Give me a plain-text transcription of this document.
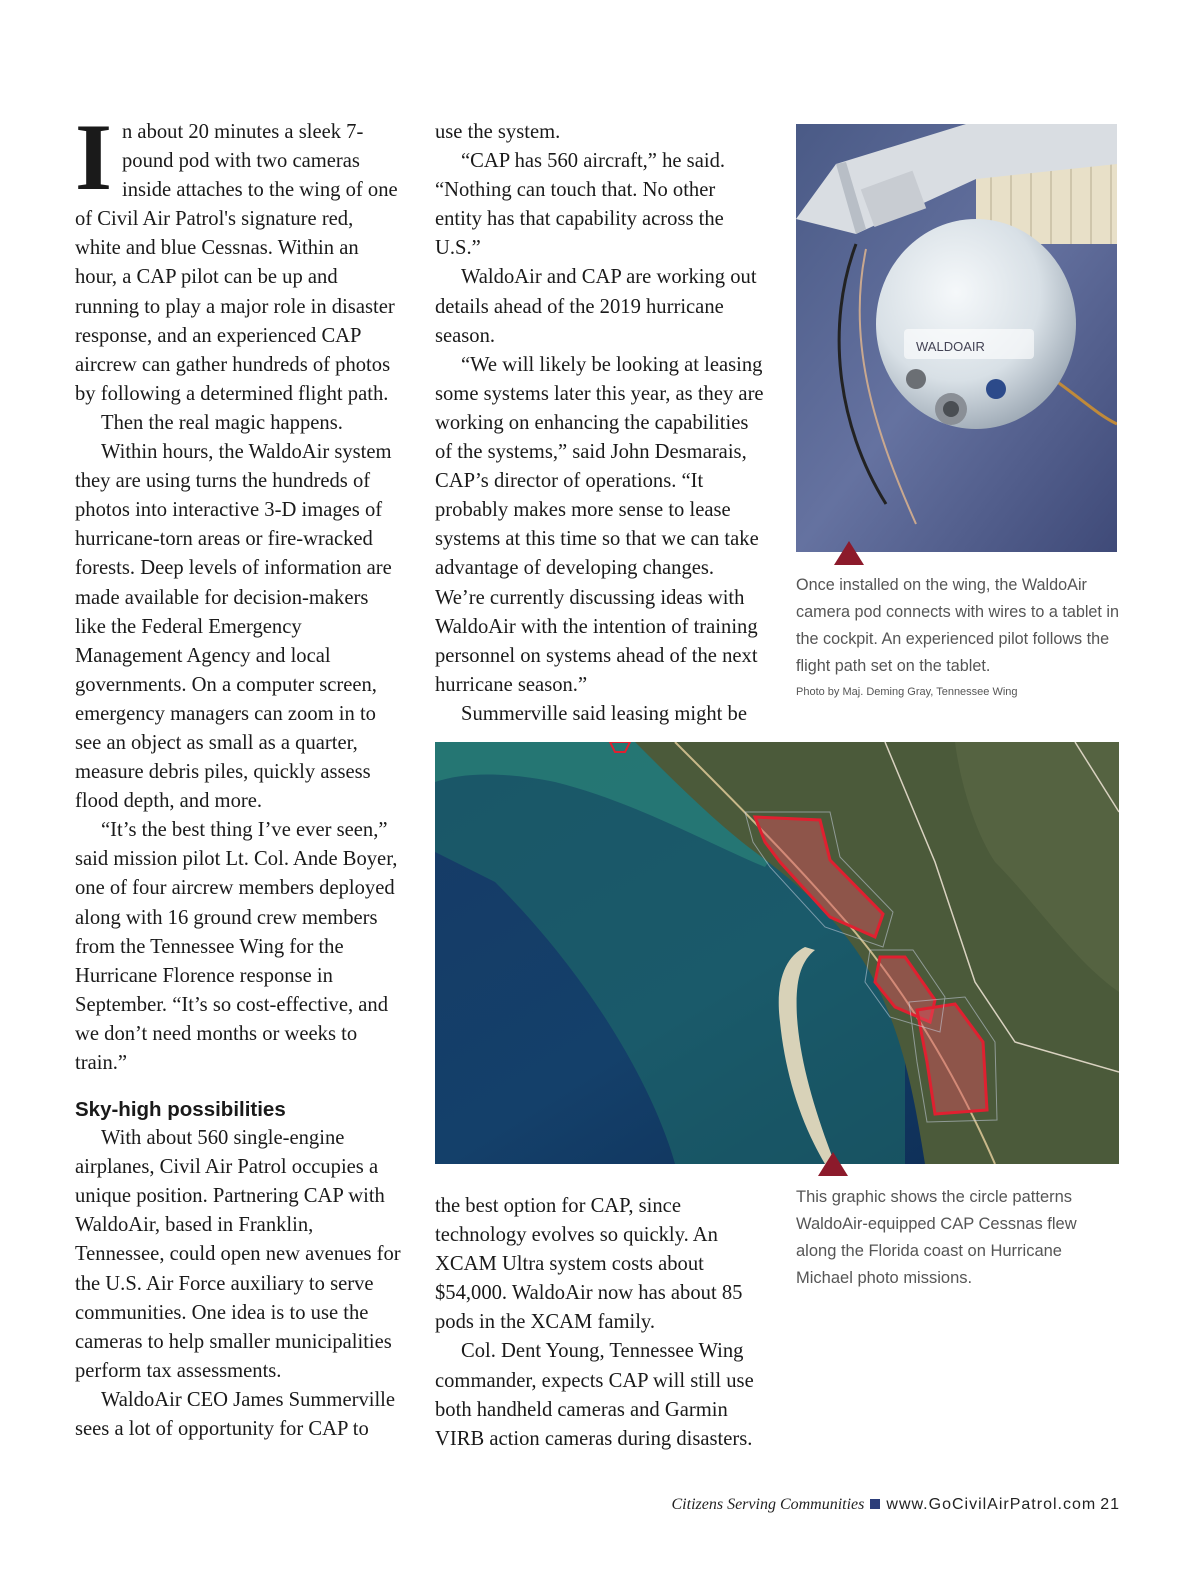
I n about 20 minutes a sleek 7-
pound pod with two cameras
inside attaches to the wing of one
of Civil Air Patrol's signature red, white and blue Cessnas. Within an hour, a CAP pilot can be up and running to play a major role in disaster response, and an experienced CAP aircrew can gather hundreds of photos by following a determined flight path.

Then the real magic happens.

Within hours, the WaldoAir system they are using turns the hundreds of photos into interactive 3-D images of hurricane-torn areas or fire-wracked forests. Deep levels of information are made available for decision-makers like the Federal Emergency Management Agency and local governments. On a computer screen, emergency managers can zoom in to see an object as small as a quarter, measure debris piles, quickly assess flood depth, and more.

“It’s the best thing I’ve ever seen,” said mission pilot Lt. Col. Ande Boyer, one of four aircrew members deployed along with 16 ground crew members from the Tennessee Wing for the Hurricane Florence response in September. “It’s so cost-effective, and we don’t need months or weeks to train.”

Sky-high possibilities

With about 560 single-engine airplanes, Civil Air Patrol occupies a unique position. Partnering CAP with WaldoAir, based in Franklin, Tennessee, could open new avenues for the U.S. Air Force auxiliary to serve communities. One idea is to use the cameras to help smaller municipalities perform tax assessments.

WaldoAir CEO James Summerville sees a lot of opportunity for CAP to

use the system.

“CAP has 560 aircraft,” he said. “Nothing can touch that. No other entity has that capability across the U.S.”

WaldoAir and CAP are working out details ahead of the 2019 hurricane season.

“We will likely be looking at leasing some systems later this year, as they are working on enhancing the capabilities of the systems,” said John Desmarais, CAP’s director of operations. “It probably makes more sense to lease systems at this time so that we can take advantage of developing changes. We’re currently discussing ideas with WaldoAir with the intention of training personnel on systems ahead of the next hurricane season.”

Summerville said leasing might be

WALDOAIR
Once installed on the wing, the WaldoAir camera pod connects with wires to a tablet in the cockpit. An experienced pilot follows the flight path set on the tablet.
Photo by Maj. Deming Gray, Tennessee Wing
This graphic shows the circle patterns WaldoAir-equipped CAP Cessnas flew along the Florida coast on Hurricane Michael photo missions.

the best option for CAP, since technology evolves so quickly. An XCAM Ultra system costs about $54,000. WaldoAir now has about 85 pods in the XCAM family.

Col. Dent Young, Tennessee Wing commander, expects CAP will still use both handheld cameras and Garmin VIRB action cameras during disasters.

Citizens Serving Communities www.GoCivilAirPatrol.com 21
